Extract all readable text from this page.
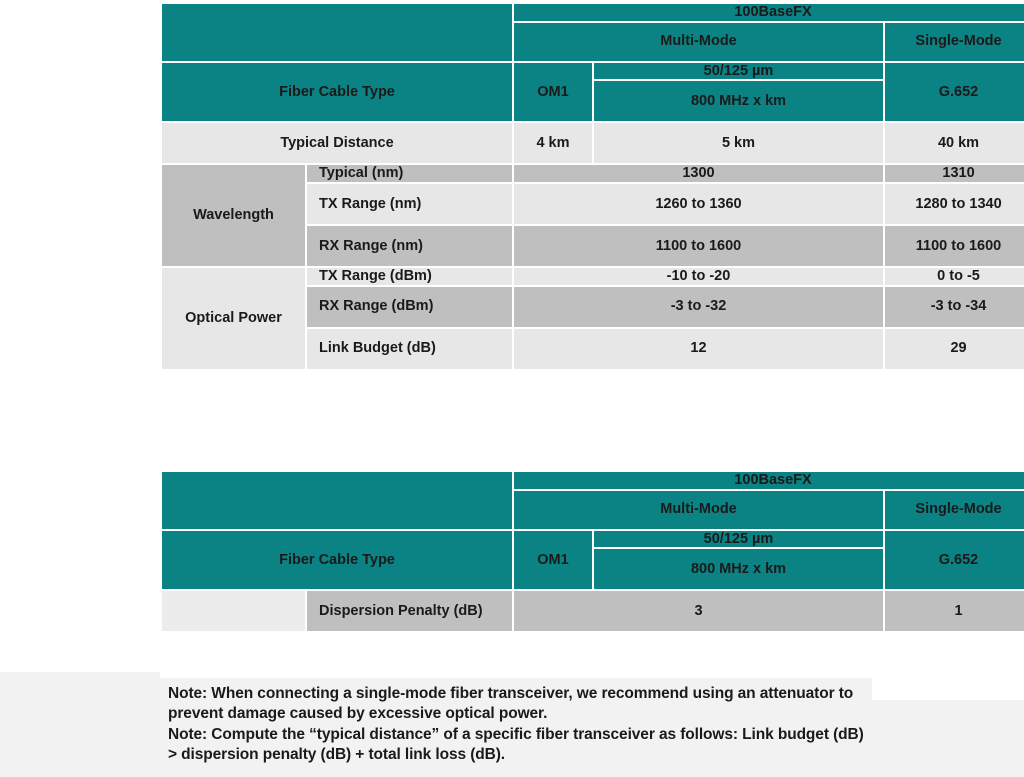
		100BaseFX		
		Multi-Mode		Single-Mode
Fiber Cable Type		OM1	50/125 µm	G.652
			800 MHz x km	
Typical Distance		4 km	5 km	40 km
Wavelength	Typical (nm)	1300		1310
	TX Range (nm)	1260 to 1360		1280 to 1340
	RX Range (nm)	1100 to 1600		1100 to 1600
Optical Power	TX Range (dBm)	-10 to -20		0 to -5
	RX Range (dBm)	-3 to -32		-3 to -34
	Link Budget (dB)	12		29
		100BaseFX		
		Multi-Mode		Single-Mode
Fiber Cable Type		OM1	50/125 µm	G.652
			800 MHz x km	
	Dispersion Penalty (dB)	3		1

Note: When connecting a single-mode fiber transceiver, we recommend using an attenuator to prevent damage caused by excessive optical power.

Note: Compute the “typical distance” of a specific fiber transceiver as follows: Link budget (dB) > dispersion penalty (dB) + total link loss (dB).
